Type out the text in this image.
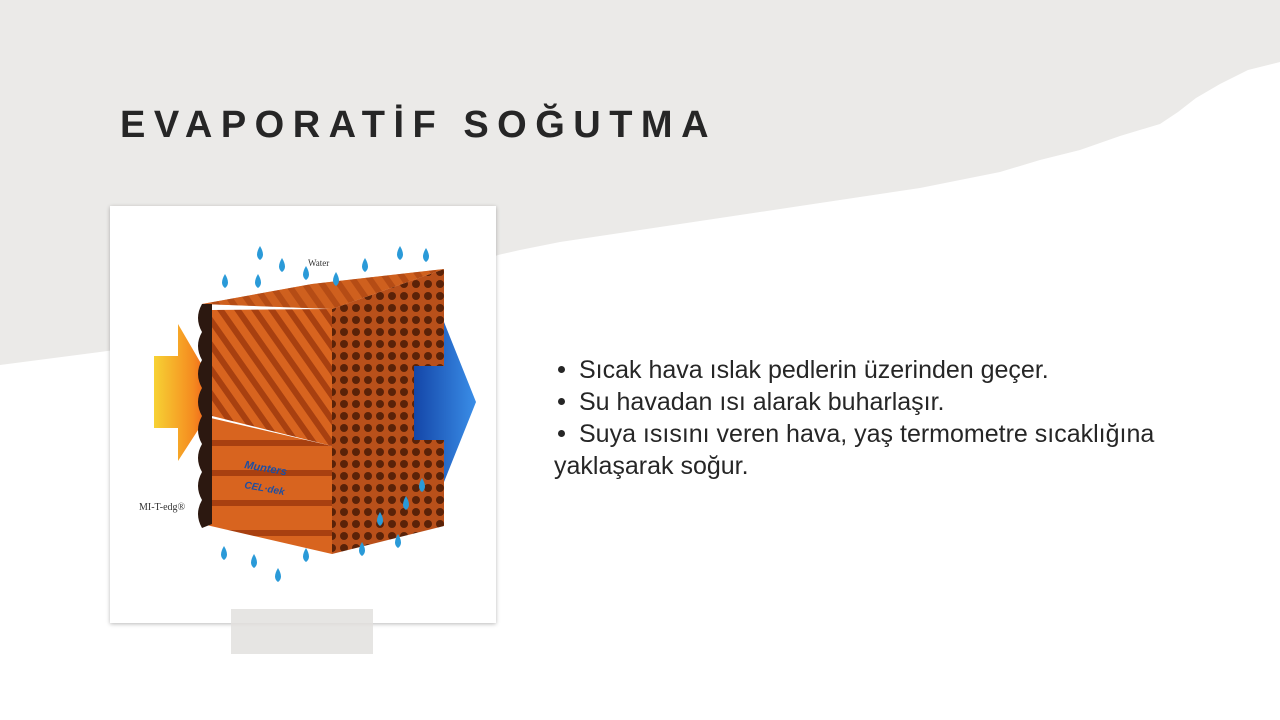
EVAPORATİF SOĞUTMA
Water
Munters
CEL·dek
MI-T-edg®
Sıcak hava ıslak pedlerin üzerinden geçer.
Su havadan ısı alarak buharlaşır.
Suya ısısını veren hava, yaş termometre sıcaklığına yaklaşarak soğur.
